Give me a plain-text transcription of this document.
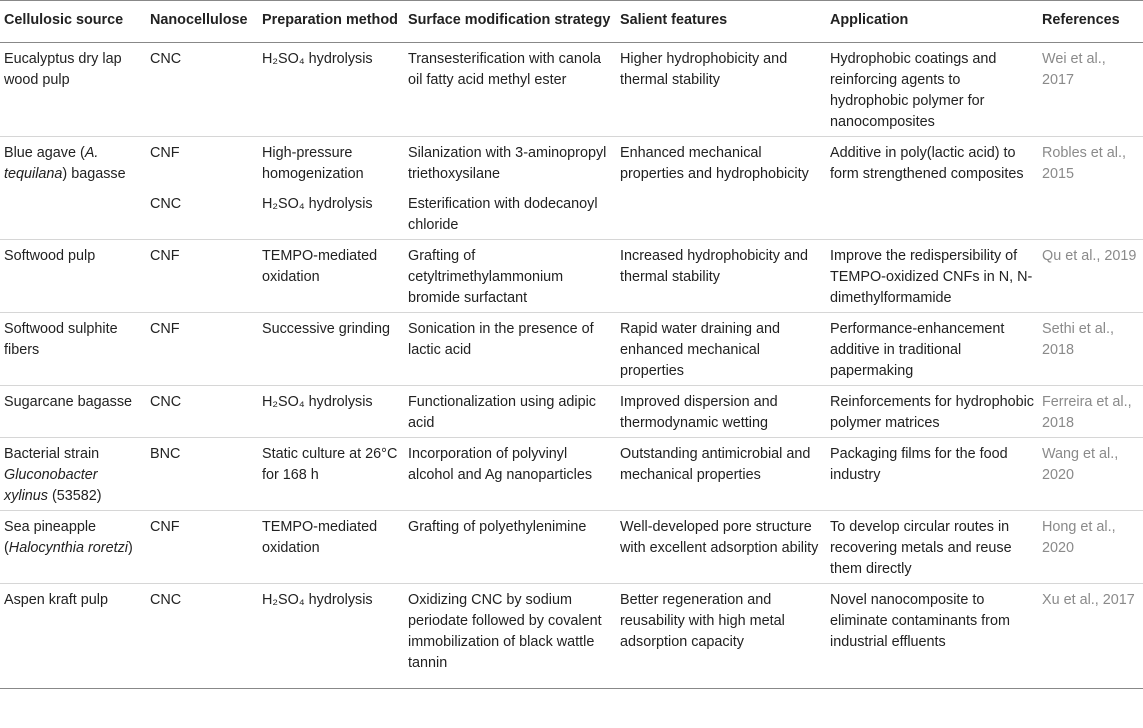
Cellulosic source	Nanocellulose	Preparation method	Surface modification strategy	Salient features	Application	References
Eucalyptus dry lap wood pulp	CNC	H₂SO₄ hydrolysis	Transesterification with canola oil fatty acid methyl ester	Higher hydrophobicity and thermal stability	Hydrophobic coatings and reinforcing agents to hydrophobic polymer for nanocomposites	Wei et al., 2017
Blue agave (A. tequilana) bagasse	CNF	High-pressure homogenization	Silanization with 3-aminopropyl triethoxysilane	Enhanced mechanical properties and hydrophobicity	Additive in poly(lactic acid) to form strengthened composites	Robles et al., 2015
	CNC	H₂SO₄ hydrolysis	Esterification with dodecanoyl chloride			
Softwood pulp	CNF	TEMPO-mediated oxidation	Grafting of cetyltrimethylammonium bromide surfactant	Increased hydrophobicity and thermal stability	Improve the redispersibility of TEMPO-oxidized CNFs in N, N-dimethylformamide	Qu et al., 2019
Softwood sulphite fibers	CNF	Successive grinding	Sonication in the presence of lactic acid	Rapid water draining and enhanced mechanical properties	Performance-enhancement additive in traditional papermaking	Sethi et al., 2018
Sugarcane bagasse	CNC	H₂SO₄ hydrolysis	Functionalization using adipic acid	Improved dispersion and thermodynamic wetting	Reinforcements for hydrophobic polymer matrices	Ferreira et al., 2018
Bacterial strain Gluconobacter xylinus (53582)	BNC	Static culture at 26°C for 168 h	Incorporation of polyvinyl alcohol and Ag nanoparticles	Outstanding antimicrobial and mechanical properties	Packaging films for the food industry	Wang et al., 2020
Sea pineapple (Halocynthia roretzi)	CNF	TEMPO-mediated oxidation	Grafting of polyethylenimine	Well-developed pore structure with excellent adsorption ability	To develop circular routes in recovering metals and reuse them directly	Hong et al., 2020
Aspen kraft pulp	CNC	H₂SO₄ hydrolysis	Oxidizing CNC by sodium periodate followed by covalent immobilization of black wattle tannin	Better regeneration and reusability with high metal adsorption capacity	Novel nanocomposite to eliminate contaminants from industrial effluents	Xu et al., 2017
